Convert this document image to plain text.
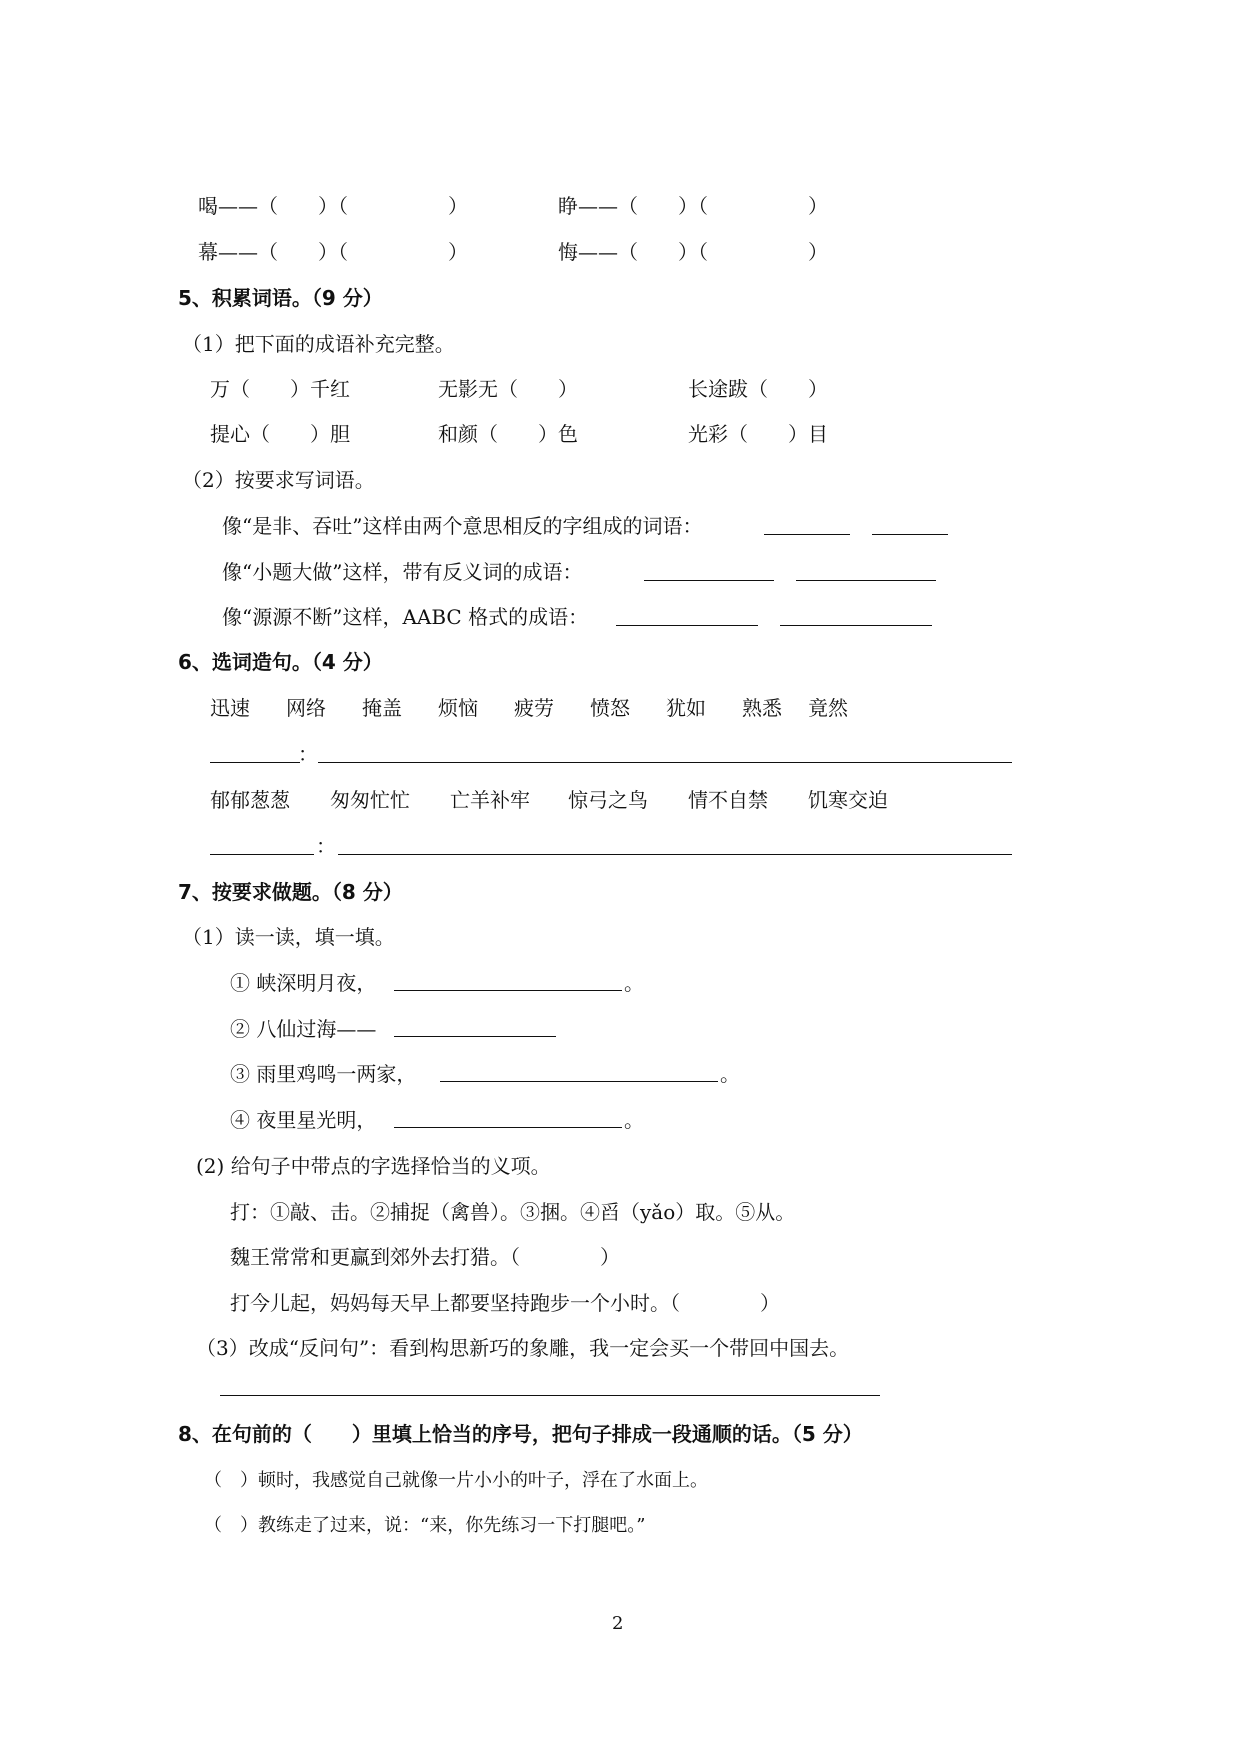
喝——（　　）（　　　　　）	睁——（　　）（　　　　　）
幕——（　　）（　　　　　）	悔——（　　）（　　　　　）
5、积累词语。（9 分）
（1）把下面的成语补充完整。
万（　　）千红	无影无（　　）	长途跋（　　）
提心（　　）胆	和颜（　　）色	光彩（　　）目
（2）按要求写词语。
像“是非、吞吐”这样由两个意思相反的字组成的词语：
像“小题大做”这样，带有反义词的成语：
像“源源不断”这样，AABC 格式的成语：
6、选词造句。（4 分）
迅速 网络 掩盖 烦恼 疲劳 愤怒 犹如 熟悉 竟然
：
郁郁葱葱 匆匆忙忙 亡羊补牢 惊弓之鸟 情不自禁 饥寒交迫
：
7、按要求做题。（8 分）
（1）读一读，填一填。
① 峡深明月夜，	。
② 八仙过海——
③ 雨里鸡鸣一两家，	。
④ 夜里星光明，	。
(2) 给句子中带点的字选择恰当的义项。
打：①敲、击。②捕捉（禽兽）。③捆。④舀（yǎo）取。⑤从。
魏王常常和更赢到郊外去打猎。（　　　　）
打今儿起，妈妈每天早上都要坚持跑步一个小时。（　　　　）
（3）改成“反问句”：看到构思新巧的象雕，我一定会买一个带回中国去。
8、在句前的（　　）里填上恰当的序号，把句子排成一段通顺的话。（5 分）
（　）顿时，我感觉自己就像一片小小的叶子，浮在了水面上。
（　）教练走了过来，说：“来，你先练习一下打腿吧。”
2
